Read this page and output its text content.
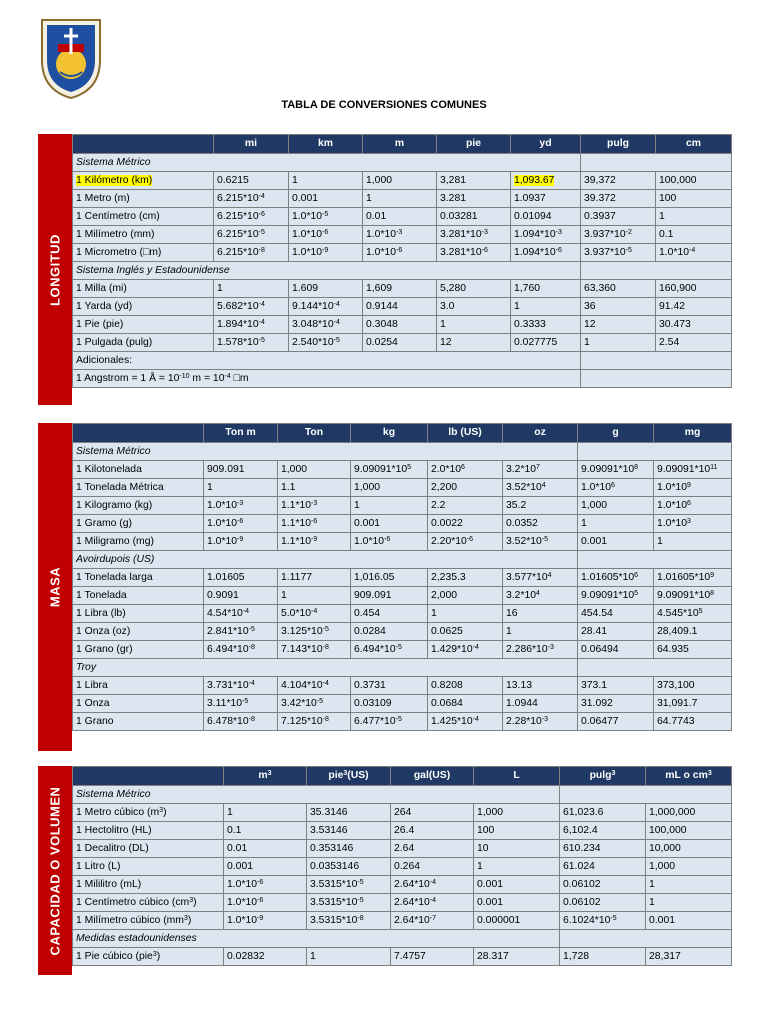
TABLA DE CONVERSIONES COMUNES
LONGITUD
	mi	km	m	pie	yd	pulg	cm
Sistema Métrico							
1 Kilómetro (km)	0.6215	1	1,000	3,281	1,093.67	39,372	100,000
1 Metro (m)	$6.215*10^{-4}$	0.001	1	3.281	1.0937	39.372	100
1 Centímetro (cm)	$6.215*10^{-6}$	$1.0*10^{-5}$	0.01	0.03281	0.01094	0.3937	1
1 Milímetro (mm)	$6.215*10^{-5}$	$1.0*10^{-6}$	$1.0*10^{-3}$	$3.281*10^{-3}$	$1.094*10^{-3}$	$3.937*10^{-2}$	0.1
1 Micrometro (□m)	$6.215*10^{-8}$	$1.0*10^{-9}$	$1.0*10^{-6}$	$3.281*10^{-6}$	$1.094*10^{-6}$	$3.937*10^{-5}$	$1.0*10^{-4}$
Sistema Inglés y Estadounidense							
1 Milla (mi)	1	1.609	1,609	5,280	1,760	63,360	160,900
1 Yarda (yd)	$5.682*10^{-4}$	$9.144*10^{-4}$	0.9144	3.0	1	36	91.42
1 Pie (pie)	$1.894*10^{-4}$	$3.048*10^{-4}$	0.3048	1	0.3333	12	30.473
1 Pulgada (pulg)	$1.578*10^{-5}$	$2.540*10^{-5}$	0.0254	12	0.027775	1	2.54
Adicionales:							
1 Angstrom = 1 Å = $10^{-10}$ $m = 10^{-4}$ □m							
MASA
	Ton m	Ton	kg	lb (US)	oz	g	mg
Sistema Métrico							
1 Kilotonelada	909.091	1,000	$9.09091*10^5$	$2.0*10^6$	$3.2*10^7$	$9.09091*10^8$	$9.09091*10^{11}$
1 Tonelada Métrica	1	1.1	1,000	2,200	$3.52*10^4$	$1.0*10^6$	$1.0*10^9$
1 Kilogramo (kg)	$1.0*10^{-3}$	$1.1*10^{-3}$	1	2.2	35.2	1,000	$1.0*10^6$
1 Gramo (g)	$1.0*10^{-6}$	$1.1*10^{-6}$	0.001	0.0022	0.0352	1	$1.0*10^3$
1 Miligramo (mg)	$1.0*10^{-9}$	$1.1*10^{-9}$	$1.0*10^{-6}$	$2.20*10^{-6}$	$3.52*10^{-5}$	0.001	1
Avoirdupois (US)							
1 Tonelada larga	1.01605	1.1177	1,016.05	2,235.3	$3.577*10^4$	$1.01605*10^6$	$1.01605*10^9$
1 Tonelada	0.9091	1	909.091	2,000	$3.2*10^4$	$9.09091*10^5$	$9.09091*10^8$
1 Libra (lb)	$4.54*10^{-4}$	$5.0*10^{-4}$	0.454	1	16	454.54	$4.545*10^5$
1 Onza (oz)	$2.841*10^{-5}$	$3.125*10^{-5}$	0.0284	0.0625	1	28.41	28,409.1
1 Grano (gr)	$6.494*10^{-8}$	$7.143*10^{-8}$	$6.494*10^{-5}$	$1.429*10^{-4}$	$2.286*10^{-3}$	0.06494	64.935
Troy							
1 Libra	$3.731*10^{-4}$	$4.104*10^{-4}$	0.3731	0.8208	13.13	373.1	373,100
1 Onza	$3.11*10^{-5}$	$3.42*10^{-5}$	0.03109	0.0684	1.0944	31.092	31,091.7
1 Grano	$6.478*10^{-8}$	$7.125*10^{-8}$	$6.477*10^{-5}$	$1.425*10^{-4}$	$2.28*10^{-3}$	0.06477	64.7743
CAPACIDAD O VOLUMEN
	$m^3$	pie$^3$(US)	gal(US)	L	pulg$^3$	mL o $cm^3$
Sistema Métrico						
1 Metro cúbico $(m^3)$	1	35.3146	264	1,000	61,023.6	1,000,000
1 Hectolitro (HL)	0.1	3.53146	26.4	100	6,102.4	100,000
1 Decalitro (DL)	0.01	0.353146	2.64	10	610.234	10,000
1 Litro (L)	0.001	0.0353146	0.264	1	61.024	1,000
1 Mililitro (mL)	$1.0*10^{-6}$	$3.5315*10^{-5}$	$2.64*10^{-4}$	0.001	0.06102	1
1 Centímetro cúbico $(cm^3)$	$1.0*10^{-6}$	$3.5315*10^{-5}$	$2.64*10^{-4}$	0.001	0.06102	1
1 Milímetro cúbico $(mm^3)$	$1.0*10^{-9}$	$3.5315*10^{-8}$	$2.64*10^{-7}$	0.000001	$6.1024*10^{-5}$	0.001
Medidas estadounidenses						
1 Pie cúbico (pie$^3$)	0.02832	1	7.4757	28.317	1,728	28,317
